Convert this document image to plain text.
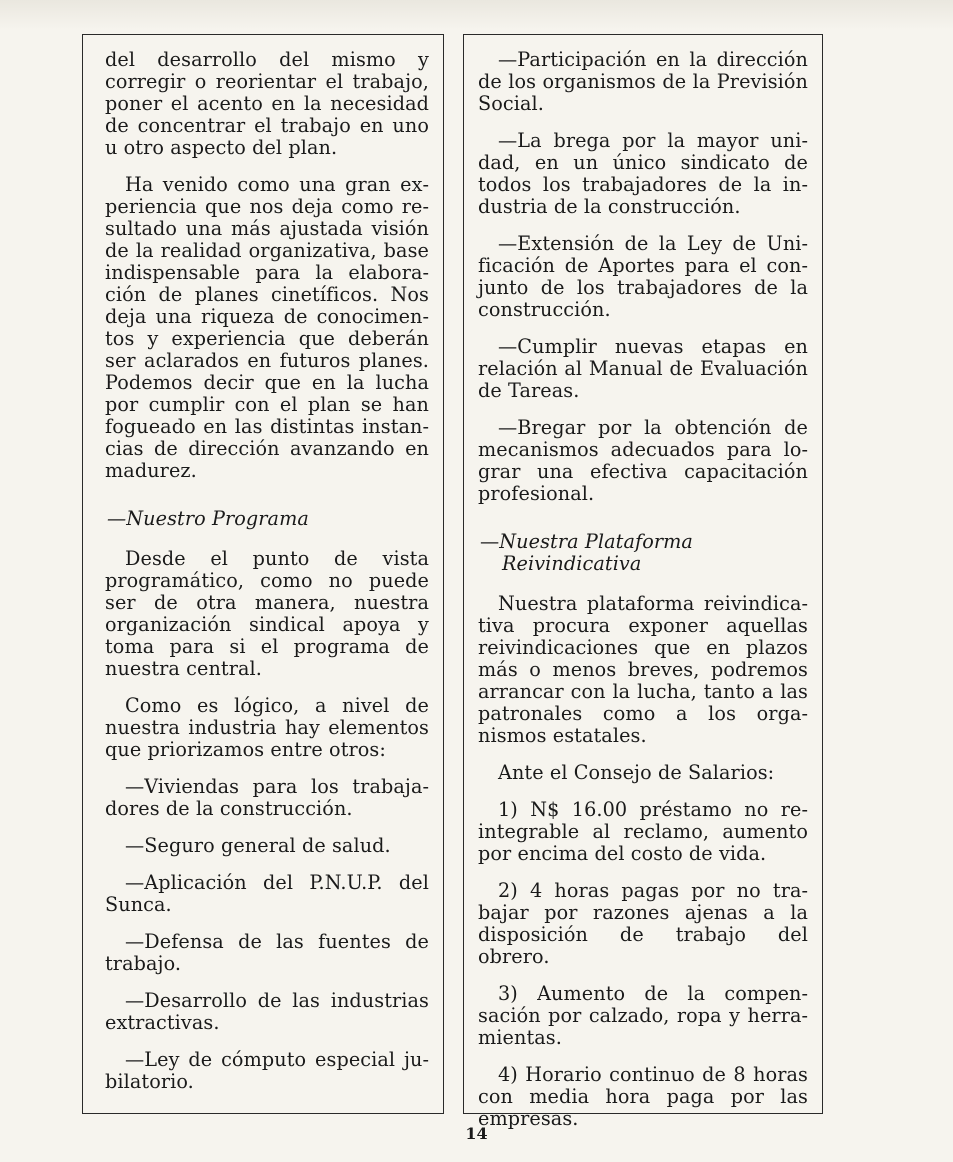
del desarrollo del mismo y corregir o reorientar el trabajo, poner el acento en la necesidad de concentrar el trabajo en uno u otro aspecto del plan.

Ha venido como una gran experiencia que nos deja como resultado una más ajustada visión de la realidad organizativa, base indispensable para la elaboración de planes cinetíficos. Nos deja una riqueza de conocimentos y experiencia que deberán ser aclarados en futuros planes. Podemos decir que en la lucha por cumplir con el plan se han fogueado en las distintas instancias de dirección avanzando en madurez.

—Nuestro Programa

Desde el punto de vista programático, como no puede ser de otra manera, nuestra organización sindical apoya y toma para si el programa de nuestra central.

Como es lógico, a nivel de nuestra industria hay elementos que priorizamos entre otros:

—Viviendas para los trabajadores de la construcción.

—Seguro general de salud.

—Aplicación del P.N.U.P. del Sunca.

—Defensa de las fuentes de trabajo.

—Desarrollo de las industrias extractivas.

—Ley de cómputo especial jubilatorio.

—Participación en la dirección de los organismos de la Previsión Social.

—La brega por la mayor unidad, en un único sindicato de todos los trabajadores de la industria de la construcción.

—Extensión de la Ley de Unificación de Aportes para el conjunto de los trabajadores de la construcción.

—Cumplir nuevas etapas en relación al Manual de Evaluación de Tareas.

—Bregar por la obtención de mecanismos adecuados para lograr una efectiva capacitación profesional.

—Nuestra Plataforma
Reivindicativa

Nuestra plataforma reivindicativa procura exponer aquellas reivindicaciones que en plazos más o menos breves, podremos arrancar con la lucha, tanto a las patronales como a los organismos estatales.

Ante el Consejo de Salarios:

1) N$ 16.00 préstamo no reintegrable al reclamo, aumento por encima del costo de vida.

2) 4 horas pagas por no trabajar por razones ajenas a la disposición de trabajo del obrero.

3) Aumento de la compensación por calzado, ropa y herramientas.

4) Horario continuo de 8 horas con media hora paga por las empresas.

14
